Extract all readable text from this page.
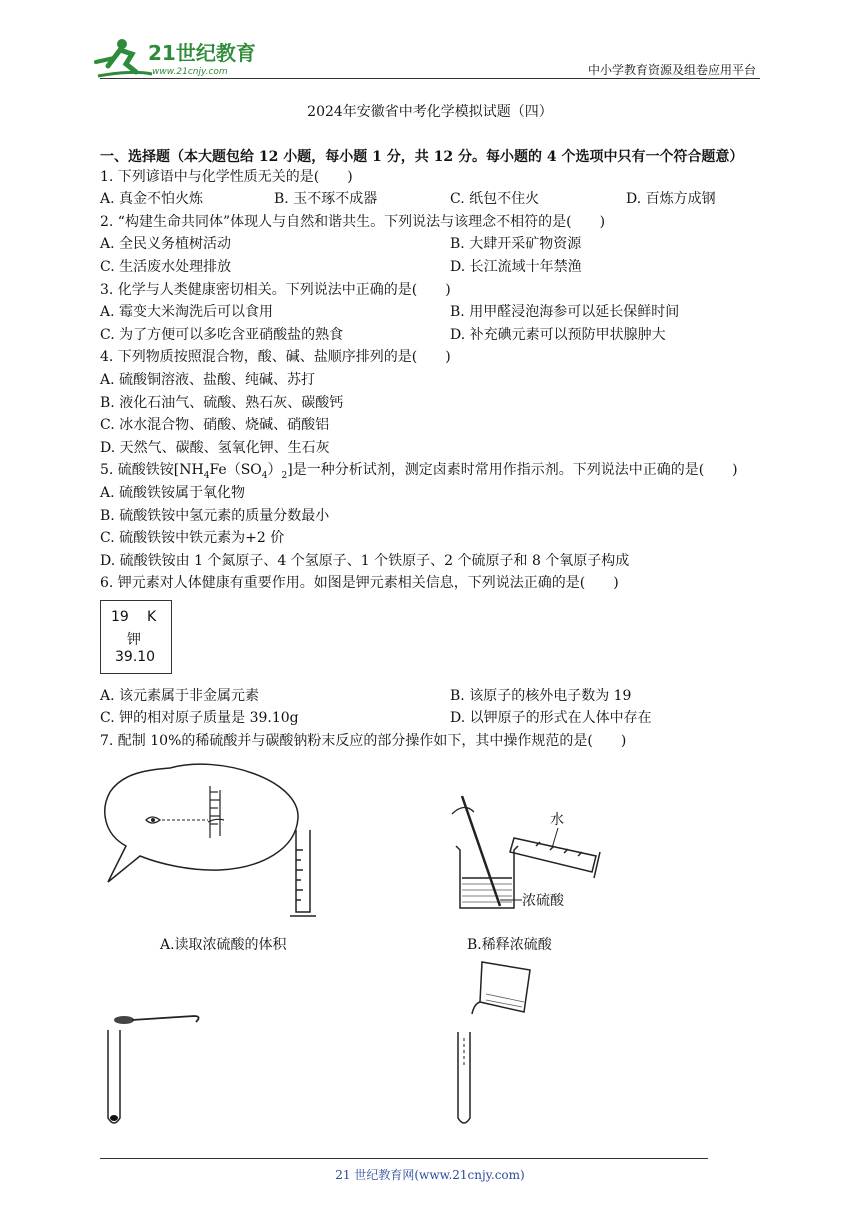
21世纪教育
www.21cnjy.com	中小学教育资源及组卷应用平台
2024年安徽省中考化学模拟试题（四）
一、选择题（本大题包给 12 小题，每小题 1 分，共 12 分。每小题的 4 个选项中只有一个符合题意）
1. 下列谚语中与化学性质无关的是(　　)
A. 真金不怕火炼	B. 玉不琢不成器	C. 纸包不住火	D. 百炼方成钢
2. “构建生命共同体”体现人与自然和谐共生。下列说法与该理念不相符的是(　　)
A. 全民义务植树活动	B. 大肆开采矿物资源
C. 生活废水处理排放	D. 长江流域十年禁渔
3. 化学与人类健康密切相关。下列说法中正确的是(　　)
A. 霉变大米淘洗后可以食用	B. 用甲醛浸泡海参可以延长保鲜时间
C. 为了方便可以多吃含亚硝酸盐的熟食	D. 补充碘元素可以预防甲状腺肿大
4. 下列物质按照混合物，酸、碱、盐顺序排列的是(　　)
A. 硫酸铜溶液、盐酸、纯碱、苏打
B. 液化石油气、硫酸、熟石灰、碳酸钙
C. 冰水混合物、硝酸、烧碱、硝酸铝
D. 天然气、碳酸、氢氧化钾、生石灰
5. 硫酸铁铵$[NH_4Fe(SO_4)_2]$是一种分析试剂，测定卤素时常用作指示剂。下列说法中正确的是(　　)
A. 硫酸铁铵属于氧化物
B. 硫酸铁铵中氢元素的质量分数最小
C. 硫酸铁铵中铁元素为+2 价
D. 硫酸铁铵由 1 个氮原子、4 个氢原子、1 个铁原子、2 个硫原子和 8 个氧原子构成
6. 钾元素对人体健康有重要作用。如图是钾元素相关信息，下列说法正确的是(　　)
19 K
钾
39.10
A. 该元素属于非金属元素	B. 该原子的核外电子数为 19
C. 钾的相对原子质量是 39.10g	D. 以钾原子的形式在人体中存在
7. 配制 10%的稀硫酸并与碳酸钠粉末反应的部分操作如下，其中操作规范的是(　　)
A.读取浓硫酸的体积
水
浓硫酸
B.稀释浓硫酸
21 世纪教育网(www.21cnjy.com)
